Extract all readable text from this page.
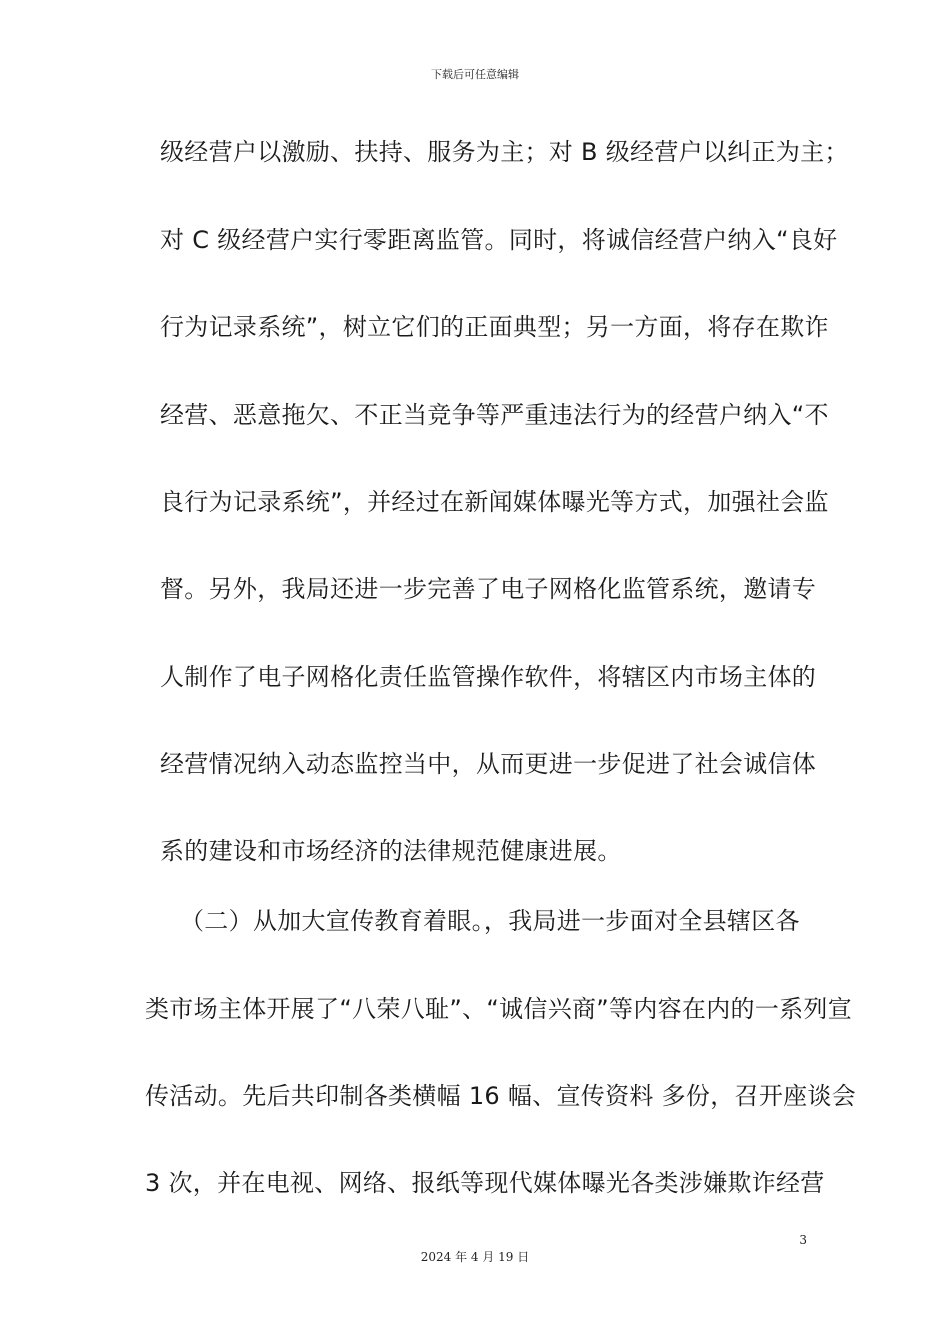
下载后可任意编辑
级经营户以激励、扶持、服务为主；对 B 级经营户以纠正为主；
对 C 级经营户实行零距离监管。同时，将诚信经营户纳入“良好
行为记录系统”，树立它们的正面典型；另一方面，将存在欺诈
经营、恶意拖欠、不正当竞争等严重违法行为的经营户纳入“不
良行为记录系统”，并经过在新闻媒体曝光等方式，加强社会监
督。另外，我局还进一步完善了电子网格化监管系统，邀请专
人制作了电子网格化责任监管操作软件，将辖区内市场主体的
经营情况纳入动态监控当中，从而更进一步促进了社会诚信体
系的建设和市场经济的法律规范健康进展。
（二）从加大宣传教育着眼。，我局进一步面对全县辖区各
类市场主体开展了“八荣八耻”、“诚信兴商”等内容在内的一系列宣
传活动。先后共印制各类横幅 16 幅、宣传资料 多份，召开座谈会
3 次，并在电视、网络、报纸等现代媒体曝光各类涉嫌欺诈经营
3
2024 年 4 月 19 日
